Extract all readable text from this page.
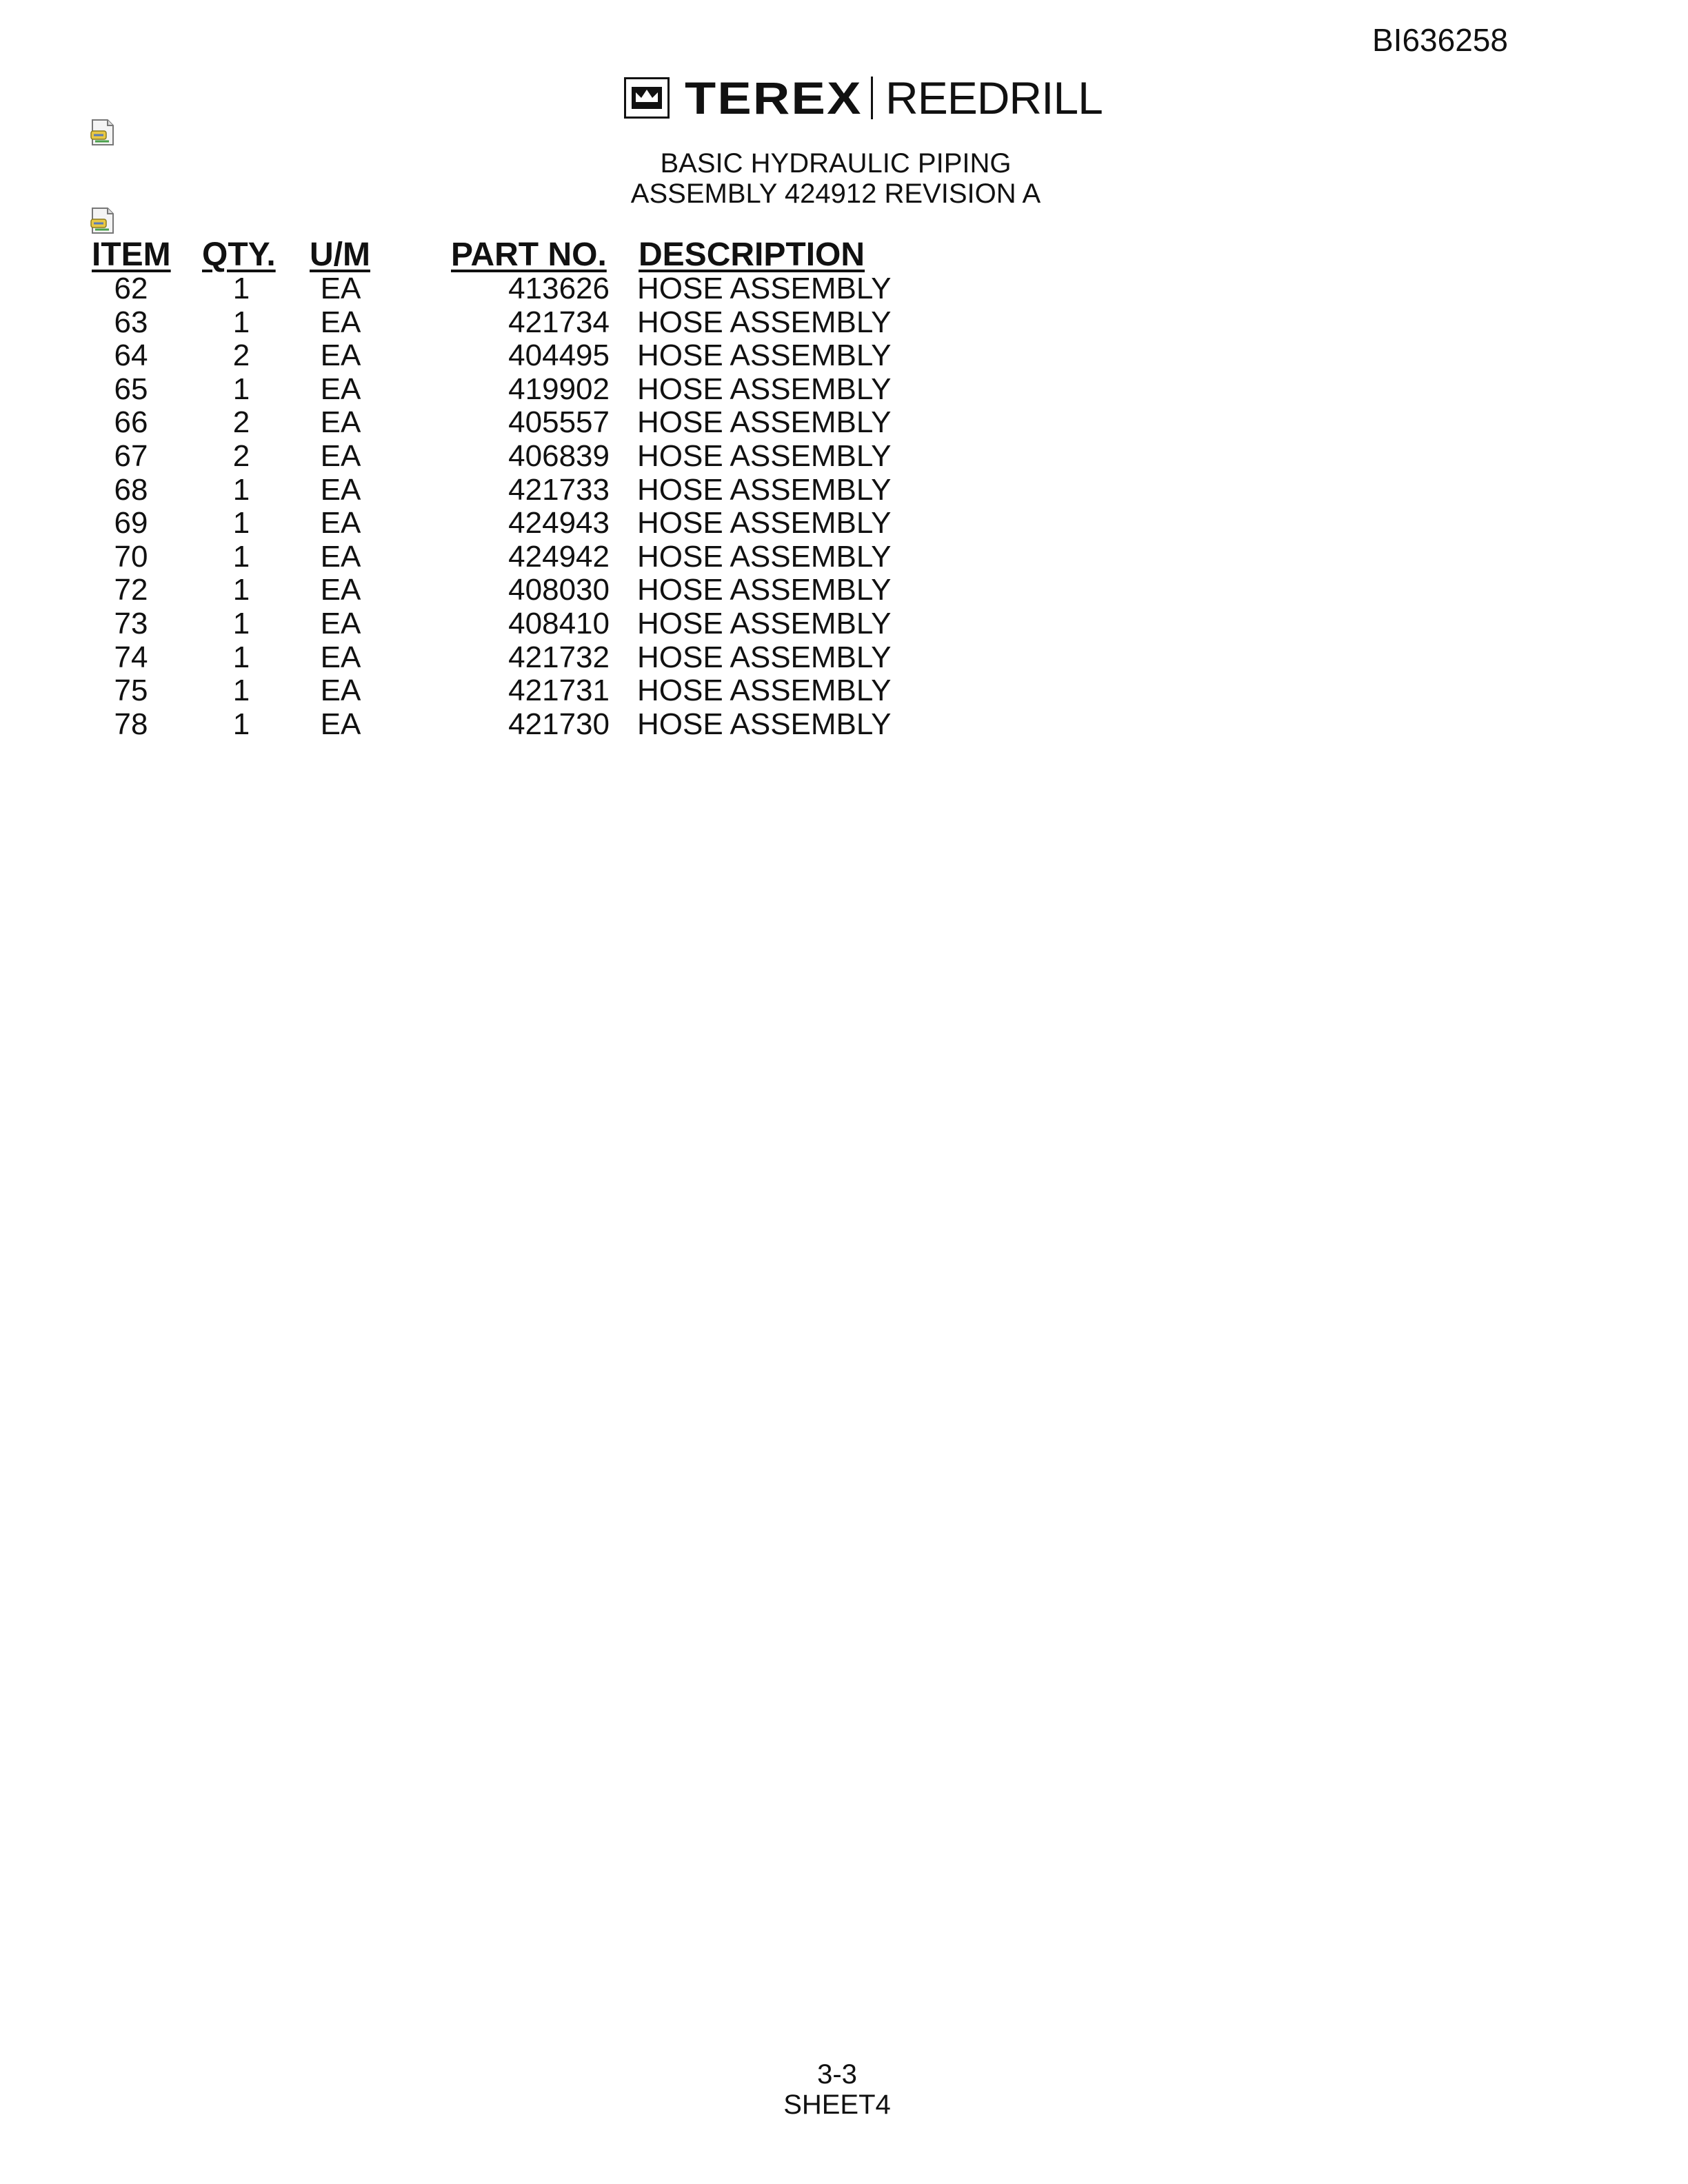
BI636258
TEREX REEDRILL
BASIC HYDRAULIC PIPING
ASSEMBLY 424912 REVISION A
ITEM QTY. U/M PART NO. DESCRIPTION
62	1	EA	413626 HOSE ASSEMBLY
63	1	EA	421734 HOSE ASSEMBLY
64	2	EA	404495 HOSE ASSEMBLY
65	1	EA	419902 HOSE ASSEMBLY
66	2	EA	405557 HOSE ASSEMBLY
67	2	EA	406839 HOSE ASSEMBLY
68	1	EA	421733 HOSE ASSEMBLY
69	1	EA	424943 HOSE ASSEMBLY
70	1	EA	424942 HOSE ASSEMBLY
72	1	EA	408030 HOSE ASSEMBLY
73	1	EA	408410 HOSE ASSEMBLY
74	1	EA	421732 HOSE ASSEMBLY
75	1	EA	421731 HOSE ASSEMBLY
78	1	EA	421730 HOSE ASSEMBLY
3-3
SHEET4
